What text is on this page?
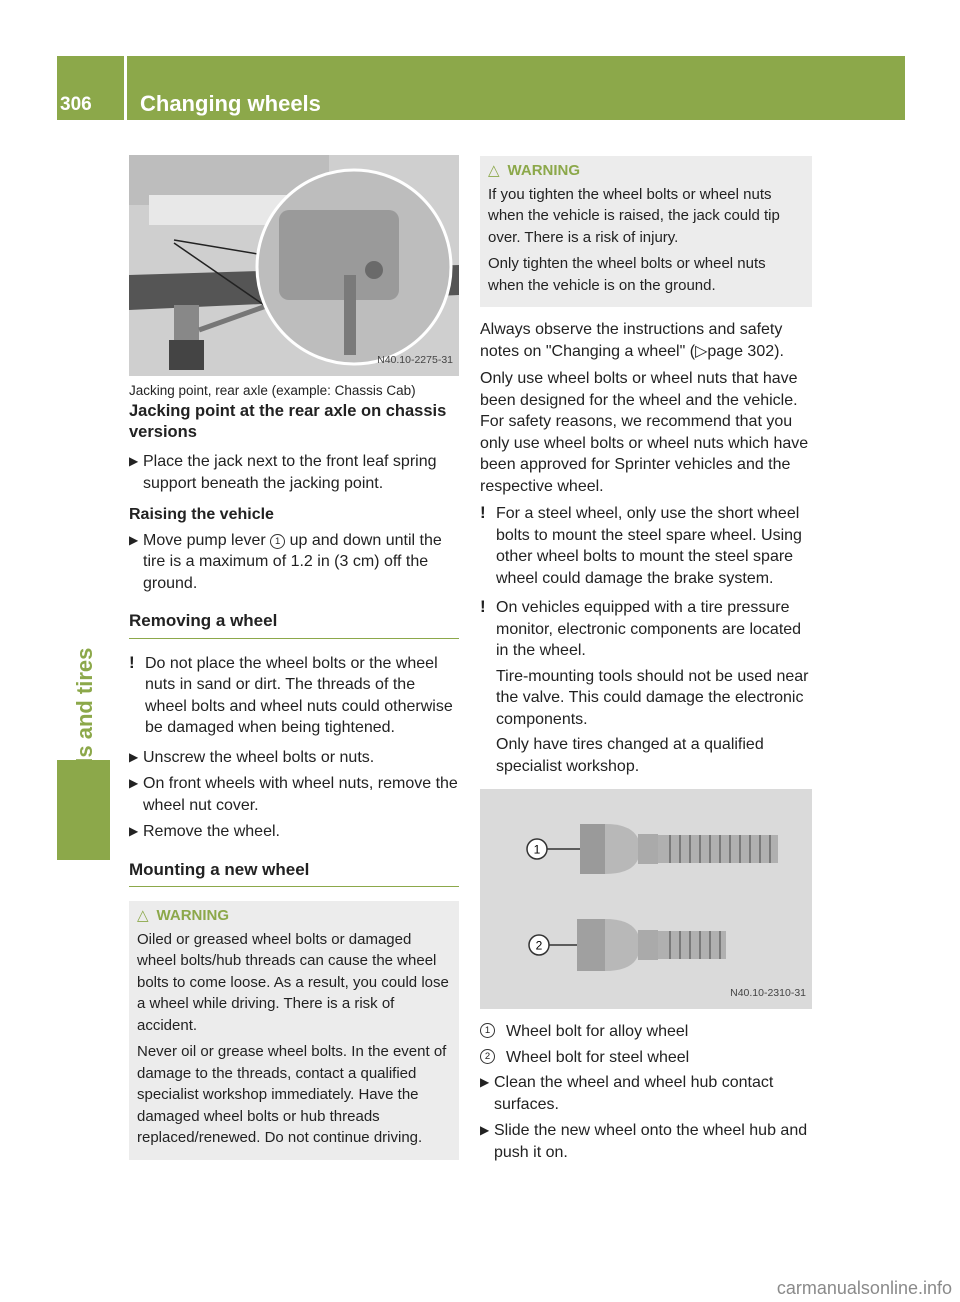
306 Changing wheels
Wheels and tires
N40.10-2275-31
Jacking point, rear axle (example: Chassis Cab)
Jacking point at the rear axle on chassis versions
▶ Place the jack next to the front leaf spring support beneath the jacking point.
Raising the vehicle
▶ Move pump lever 1 up and down until the tire is a maximum of 1.2 in (3 cm) off the ground.
Removing a wheel
! Do not place the wheel bolts or the wheel nuts in sand or dirt. The threads of the wheel bolts and wheel nuts could otherwise be damaged when being tightened.

▶ Unscrew the wheel bolts or nuts.
▶ On front wheels with wheel nuts, remove the wheel nut cover.
▶ Remove the wheel.
Mounting a new wheel
△ WARNING

Oiled or greased wheel bolts or damaged wheel bolts/hub threads can cause the wheel bolts to come loose. As a result, you could lose a wheel while driving. There is a risk of accident.

Never oil or grease wheel bolts. In the event of damage to the threads, contact a qualified specialist workshop immediately. Have the damaged wheel bolts or hub threads replaced/renewed. Do not continue driving.

△ WARNING

If you tighten the wheel bolts or wheel nuts when the vehicle is raised, the jack could tip over. There is a risk of injury.

Only tighten the wheel bolts or wheel nuts when the vehicle is on the ground.

Always observe the instructions and safety notes on "Changing a wheel" (▷page 302).

Only use wheel bolts or wheel nuts that have been designed for the wheel and the vehicle. For safety reasons, we recommend that you only use wheel bolts or wheel nuts which have been approved for Sprinter vehicles and the respective wheel.

! For a steel wheel, only use the short wheel bolts to mount the steel spare wheel. Using other wheel bolts to mount the steel spare wheel could damage the brake system.

! On vehicles equipped with a tire pressure monitor, electronic components are located in the wheel.

Tire-mounting tools should not be used near the valve. This could damage the electronic components.

Only have tires changed at a qualified specialist workshop.

1
2
N40.10-2310-31
1 Wheel bolt for alloy wheel
2 Wheel bolt for steel wheel
▶ Clean the wheel and wheel hub contact surfaces.
▶ Slide the new wheel onto the wheel hub and push it on.
carmanualsonline.info
